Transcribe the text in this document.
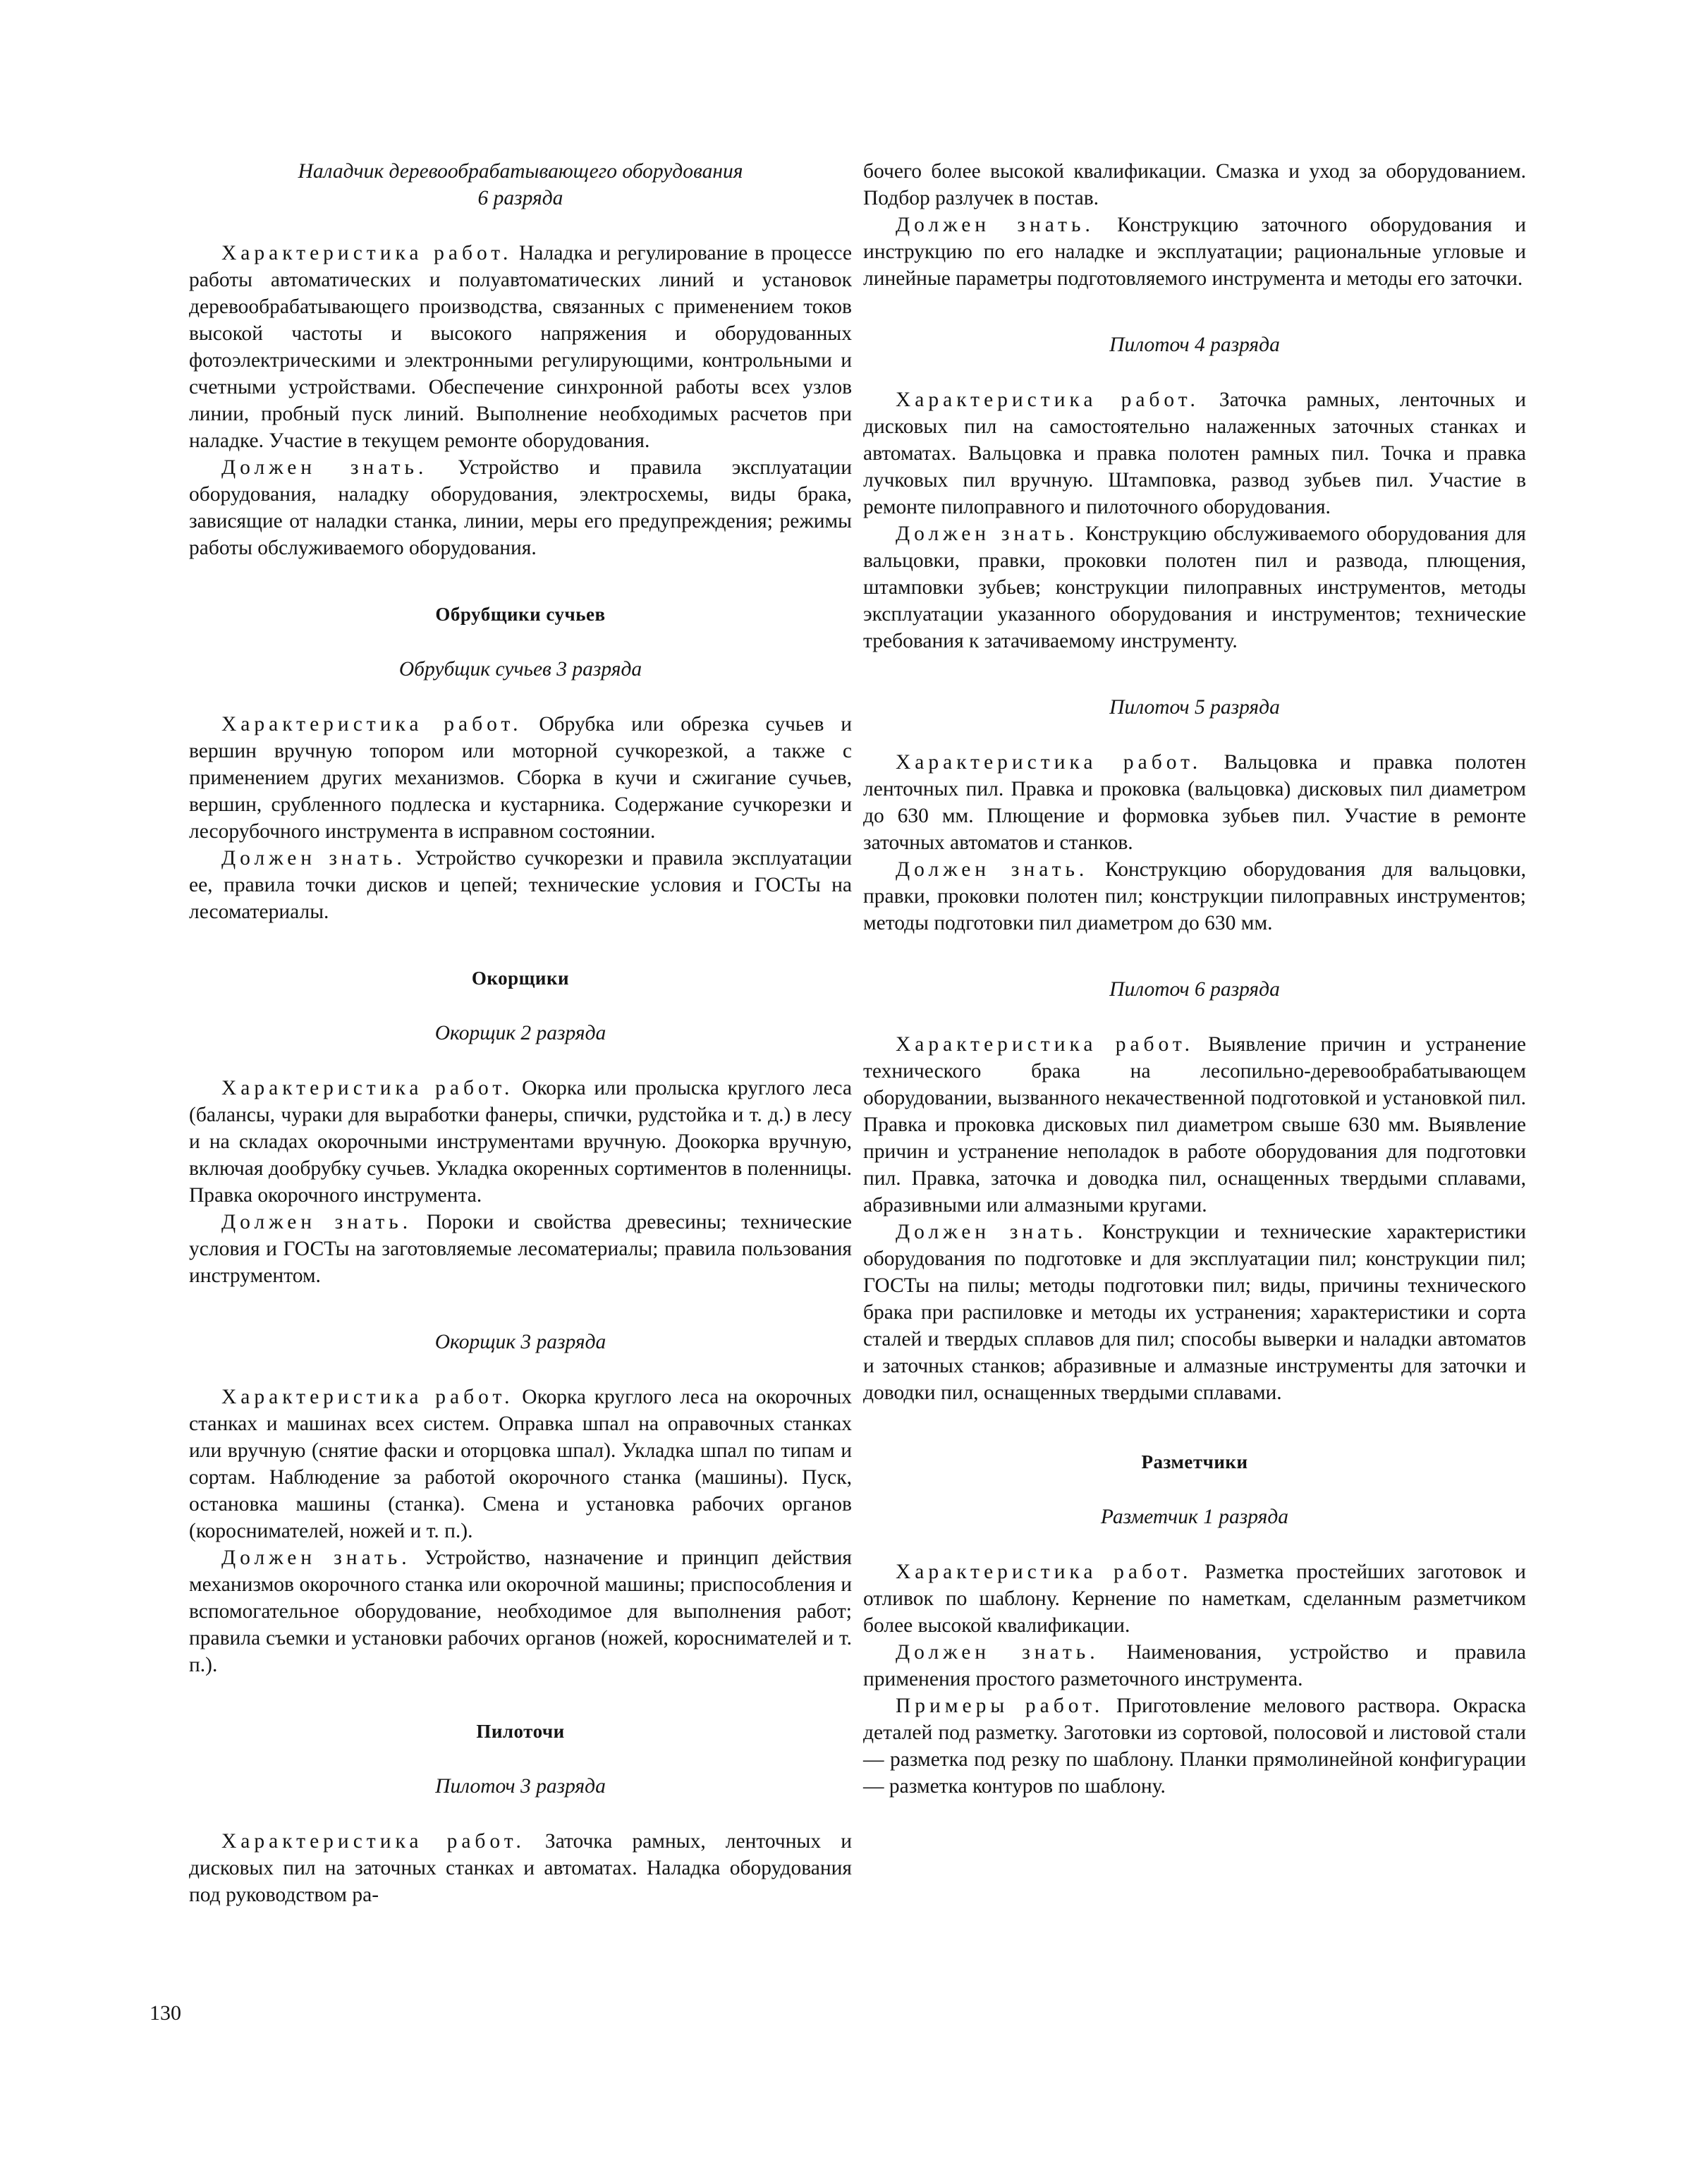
Наладчик деревообрабатывающего оборудования

6 разряда

Характеристика работ. Наладка и регулирование в процессе работы автоматических и полуавтоматических линий и установок деревообрабатывающего производства, связанных с применением токов высокой частоты и высокого напряжения и оборудованных фотоэлектрическими и электронными регулирующими, контрольными и счетными устройствами. Обеспечение синхронной работы всех узлов линии, пробный пуск линий. Выполнение необходимых расчетов при наладке. Участие в текущем ремонте оборудования.

Должен знать. Устройство и правила эксплуатации оборудования, наладку оборудования, электросхемы, виды брака, зависящие от наладки станка, линии, меры его предупреждения; режимы работы обслуживаемого оборудования.

Обрубщики сучьев

Обрубщик сучьев 3 разряда

Характеристика работ. Обрубка или обрезка сучьев и вершин вручную топором или моторной сучкорезкой, а также с применением других механизмов. Сборка в кучи и сжигание сучьев, вершин, срубленного подлеска и кустарника. Содержание сучкорезки и лесорубочного инструмента в исправном состоянии.

Должен знать. Устройство сучкорезки и правила эксплуатации ее, правила точки дисков и цепей; технические условия и ГОСТы на лесоматериалы.

Окорщики

Окорщик 2 разряда

Характеристика работ. Окорка или пролыска круглого леса (балансы, чураки для выработки фанеры, спички, рудстойка и т. д.) в лесу и на складах окорочными инструментами вручную. Доокорка вручную, включая дообрубку сучьев. Укладка окоренных сортиментов в поленницы. Правка окорочного инструмента.

Должен знать. Пороки и свойства древесины; технические условия и ГОСТы на заготовляемые лесоматериалы; правила пользования инструментом.

Окорщик 3 разряда

Характеристика работ. Окорка круглого леса на окорочных станках и машинах всех систем. Оправка шпал на оправочных станках или вручную (снятие фаски и оторцовка шпал). Укладка шпал по типам и сортам. Наблюдение за работой окорочного станка (машины). Пуск, остановка машины (станка). Смена и установка рабочих органов (короснимателей, ножей и т. п.).

Должен знать. Устройство, назначение и принцип действия механизмов окорочного станка или окорочной машины; приспособления и вспомогательное оборудование, необходимое для выполнения работ; правила съемки и установки рабочих органов (ножей, короснимателей и т. п.).

Пилоточи

Пилоточ 3 разряда

Характеристика работ. Заточка рамных, ленточных и дисковых пил на заточных станках и автоматах. Наладка оборудования под руководством ра-

бочего более высокой квалификации. Смазка и уход за оборудованием. Подбор разлучек в постав.

Должен знать. Конструкцию заточного оборудования и инструкцию по его наладке и эксплуатации; рациональные угловые и линейные параметры подготовляемого инструмента и методы его заточки.

Пилоточ 4 разряда

Характеристика работ. Заточка рамных, ленточных и дисковых пил на самостоятельно налаженных заточных станках и автоматах. Вальцовка и правка полотен рамных пил. Точка и правка лучковых пил вручную. Штамповка, развод зубьев пил. Участие в ремонте пилоправного и пилоточного оборудования.

Должен знать. Конструкцию обслуживаемого оборудования для вальцовки, правки, проковки полотен пил и развода, плющения, штамповки зубьев; конструкции пилоправных инструментов, методы эксплуатации указанного оборудования и инструментов; технические требования к затачиваемому инструменту.

Пилоточ 5 разряда

Характеристика работ. Вальцовка и правка полотен ленточных пил. Правка и проковка (вальцовка) дисковых пил диаметром до 630 мм. Плющение и формовка зубьев пил. Участие в ремонте заточных автоматов и станков.

Должен знать. Конструкцию оборудования для вальцовки, правки, проковки полотен пил; конструкции пилоправных инструментов; методы подготовки пил диаметром до 630 мм.

Пилоточ 6 разряда

Характеристика работ. Выявление причин и устранение технического брака на лесопильно-деревообрабатывающем оборудовании, вызванного некачественной подготовкой и установкой пил. Правка и проковка дисковых пил диаметром свыше 630 мм. Выявление причин и устранение неполадок в работе оборудования для подготовки пил. Правка, заточка и доводка пил, оснащенных твердыми сплавами, абразивными или алмазными кругами.

Должен знать. Конструкции и технические характеристики оборудования по подготовке и для эксплуатации пил; конструкции пил; ГОСТы на пилы; методы подготовки пил; виды, причины технического брака при распиловке и методы их устранения; характеристики и сорта сталей и твердых сплавов для пил; способы выверки и наладки автоматов и заточных станков; абразивные и алмазные инструменты для заточки и доводки пил, оснащенных твердыми сплавами.

Разметчики

Разметчик 1 разряда

Характеристика работ. Разметка простейших заготовок и отливок по шаблону. Кернение по наметкам, сделанным разметчиком более высокой квалификации.

Должен знать. Наименования, устройство и правила применения простого разметочного инструмента.

Примеры работ. Приготовление мелового раствора. Окраска деталей под разметку. Заготовки из сортовой, полосовой и листовой стали — разметка под резку по шаблону. Планки прямолинейной конфигурации — разметка контуров по шаблону.

130
